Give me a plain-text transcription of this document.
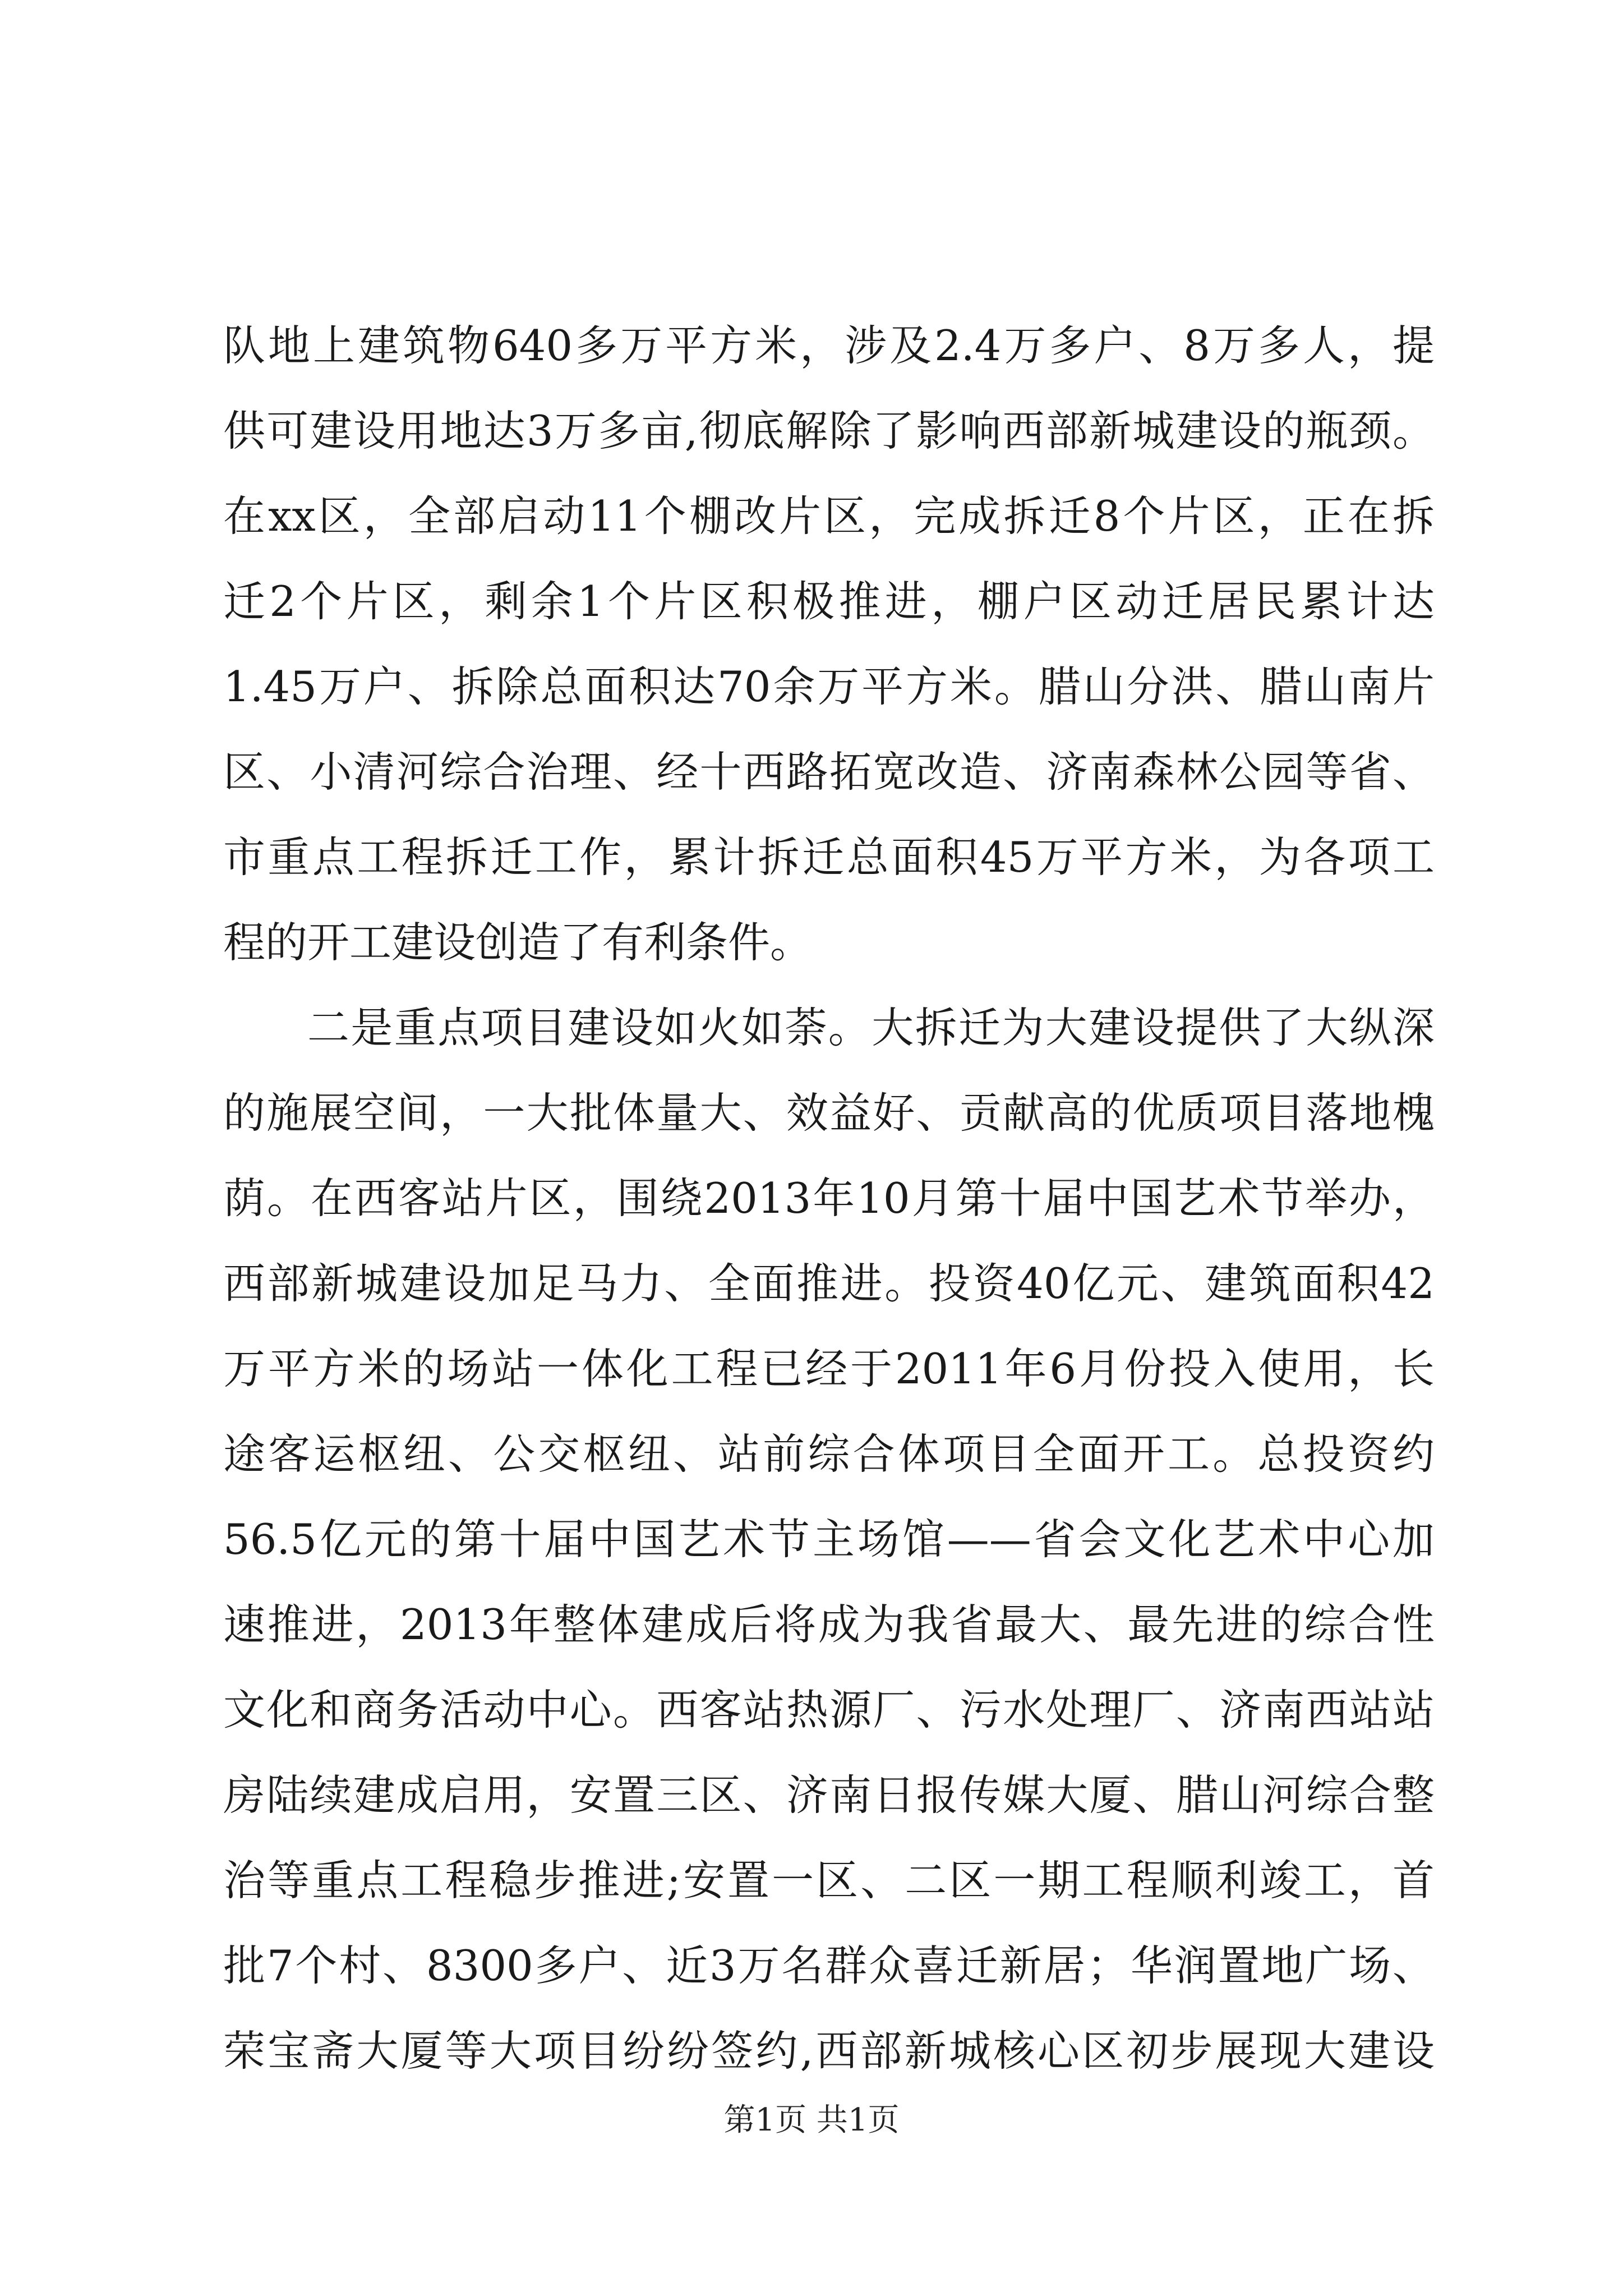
队地上建筑物640多万平方米，涉及2.4万多户、8万多人，提
供可建设用地达3万多亩,彻底解除了影响西部新城建设的瓶颈。
在xx区，全部启动11个棚改片区，完成拆迁8个片区，正在拆
迁2个片区，剩余1个片区积极推进，棚户区动迁居民累计达
1.45万户、拆除总面积达70余万平方米。腊山分洪、腊山南片
区、小清河综合治理、经十西路拓宽改造、济南森林公园等省、
市重点工程拆迁工作，累计拆迁总面积45万平方米，为各项工
程的开工建设创造了有利条件。
二是重点项目建设如火如荼。大拆迁为大建设提供了大纵深
的施展空间，一大批体量大、效益好、贡献高的优质项目落地槐
荫。在西客站片区，围绕2013年10月第十届中国艺术节举办，
西部新城建设加足马力、全面推进。投资40亿元、建筑面积42
万平方米的场站一体化工程已经于2011年6月份投入使用，长
途客运枢纽、公交枢纽、站前综合体项目全面开工。总投资约
56.5亿元的第十届中国艺术节主场馆——省会文化艺术中心加
速推进，2013年整体建成后将成为我省最大、最先进的综合性
文化和商务活动中心。西客站热源厂、污水处理厂、济南西站站
房陆续建成启用，安置三区、济南日报传媒大厦、腊山河综合整
治等重点工程稳步推进;安置一区、二区一期工程顺利竣工，首
批7个村、8300多户、近3万名群众喜迁新居；华润置地广场、
荣宝斋大厦等大项目纷纷签约,西部新城核心区初步展现大建设
第1页 共1页
